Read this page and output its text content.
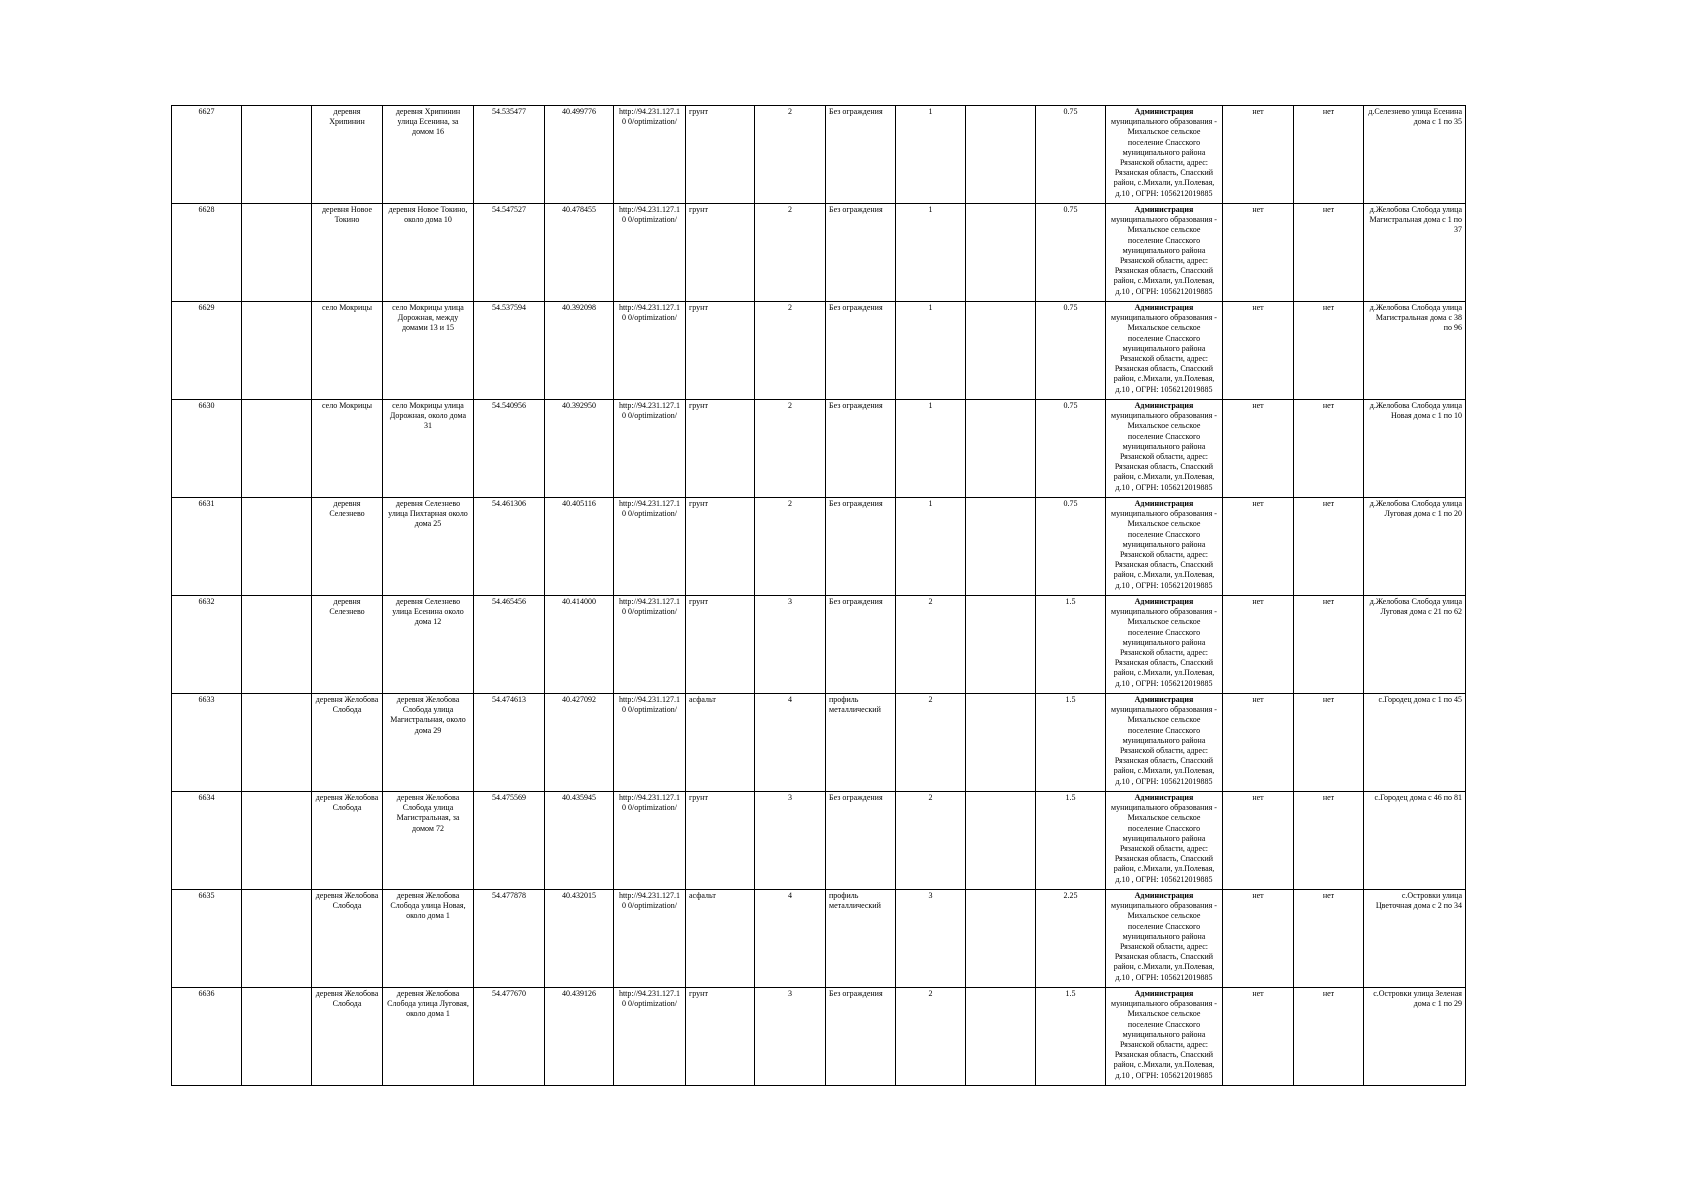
6627		деревня Хрипинин	деревня Хрипинин улица Есенина, за домом 16	54.535477	40.499776	http://94.231.127.10 0/optimization/	грунт	2	Без ограждения	1		0.75	Администрация
муниципального образования - Михальское сельское поселение Спасского муниципального района Рязанской области, адрес: Рязанская область, Спасский район, с.Михали, ул.Полевая, д.10 , ОГРН: 1056212019885	нет	нет	д.Селезнево улица Есенина дома с 1 по 35
6628		деревня Новое Токино	деревня Новое Токино, около дома 10	54.547527	40.478455	http://94.231.127.10 0/optimization/	грунт	2	Без ограждения	1		0.75	Администрация
муниципального образования - Михальское сельское поселение Спасского муниципального района Рязанской области, адрес: Рязанская область, Спасский район, с.Михали, ул.Полевая, д.10 , ОГРН: 1056212019885	нет	нет	д.Желобова Слобода улица Магистральная дома с 1 по 37
6629		село Мокрицы	село Мокрицы улица Дорожная, между домами 13 и 15	54.537594	40.392098	http://94.231.127.10 0/optimization/	грунт	2	Без ограждения	1		0.75	Администрация
муниципального образования - Михальское сельское поселение Спасского муниципального района Рязанской области, адрес: Рязанская область, Спасский район, с.Михали, ул.Полевая, д.10 , ОГРН: 1056212019885	нет	нет	д.Желобова Слобода улица Магистральная дома с 38 по 96
6630		село Мокрицы	село Мокрицы улица Дорожная, около дома 31	54.540956	40.392950	http://94.231.127.10 0/optimization/	грунт	2	Без ограждения	1		0.75	Администрация
муниципального образования - Михальское сельское поселение Спасского муниципального района Рязанской области, адрес: Рязанская область, Спасский район, с.Михали, ул.Полевая, д.10 , ОГРН: 1056212019885	нет	нет	д.Желобова Слобода улица Новая дома с 1 по 10
6631		деревня Селезнево	деревня Селезнево улица Пихтарная около дома 25	54.461306	40.405116	http://94.231.127.10 0/optimization/	грунт	2	Без ограждения	1		0.75	Администрация
муниципального образования - Михальское сельское поселение Спасского муниципального района Рязанской области, адрес: Рязанская область, Спасский район, с.Михали, ул.Полевая, д.10 , ОГРН: 1056212019885	нет	нет	д.Желобова Слобода улица Луговая дома с 1 по 20
6632		деревня Селезнево	деревня Селезнево улица Есенина около дома 12	54.465456	40.414000	http://94.231.127.10 0/optimization/	грунт	3	Без ограждения	2		1.5	Администрация
муниципального образования - Михальское сельское поселение Спасского муниципального района Рязанской области, адрес: Рязанская область, Спасский район, с.Михали, ул.Полевая, д.10 , ОГРН: 1056212019885	нет	нет	д.Желобова Слобода улица Луговая дома с 21 по 62
6633		деревня Желобова Слобода	деревня Желобова Слобода улица Магистральная, около дома 29	54.474613	40.427092	http://94.231.127.10 0/optimization/	асфальт	4	профиль металлический	2		1.5	Администрация
муниципального образования - Михальское сельское поселение Спасского муниципального района Рязанской области, адрес: Рязанская область, Спасский район, с.Михали, ул.Полевая, д.10 , ОГРН: 1056212019885	нет	нет	с.Городец дома с 1 по 45
6634		деревня Желобова Слобода	деревня Желобова Слобода улица Магистральная, за домом 72	54.475569	40.435945	http://94.231.127.10 0/optimization/	грунт	3	Без ограждения	2		1.5	Администрация
муниципального образования - Михальское сельское поселение Спасского муниципального района Рязанской области, адрес: Рязанская область, Спасский район, с.Михали, ул.Полевая, д.10 , ОГРН: 1056212019885	нет	нет	с.Городец дома с 46 по 81
6635		деревня Желобова Слобода	деревня Желобова Слобода улица Новая, около дома 1	54.477878	40.432015	http://94.231.127.10 0/optimization/	асфальт	4	профиль металлический	3		2.25	Администрация
муниципального образования - Михальское сельское поселение Спасского муниципального района Рязанской области, адрес: Рязанская область, Спасский район, с.Михали, ул.Полевая, д.10 , ОГРН: 1056212019885	нет	нет	с.Островки улица Цветочная дома с 2 по 34
6636		деревня Желобова Слобода	деревня Желобова Слобода улица Луговая, около дома 1	54.477670	40.439126	http://94.231.127.10 0/optimization/	грунт	3	Без ограждения	2		1.5	Администрация
муниципального образования - Михальское сельское поселение Спасского муниципального района Рязанской области, адрес: Рязанская область, Спасский район, с.Михали, ул.Полевая, д.10 , ОГРН: 1056212019885	нет	нет	с.Островки улица Зеленая дома с 1 по 29
